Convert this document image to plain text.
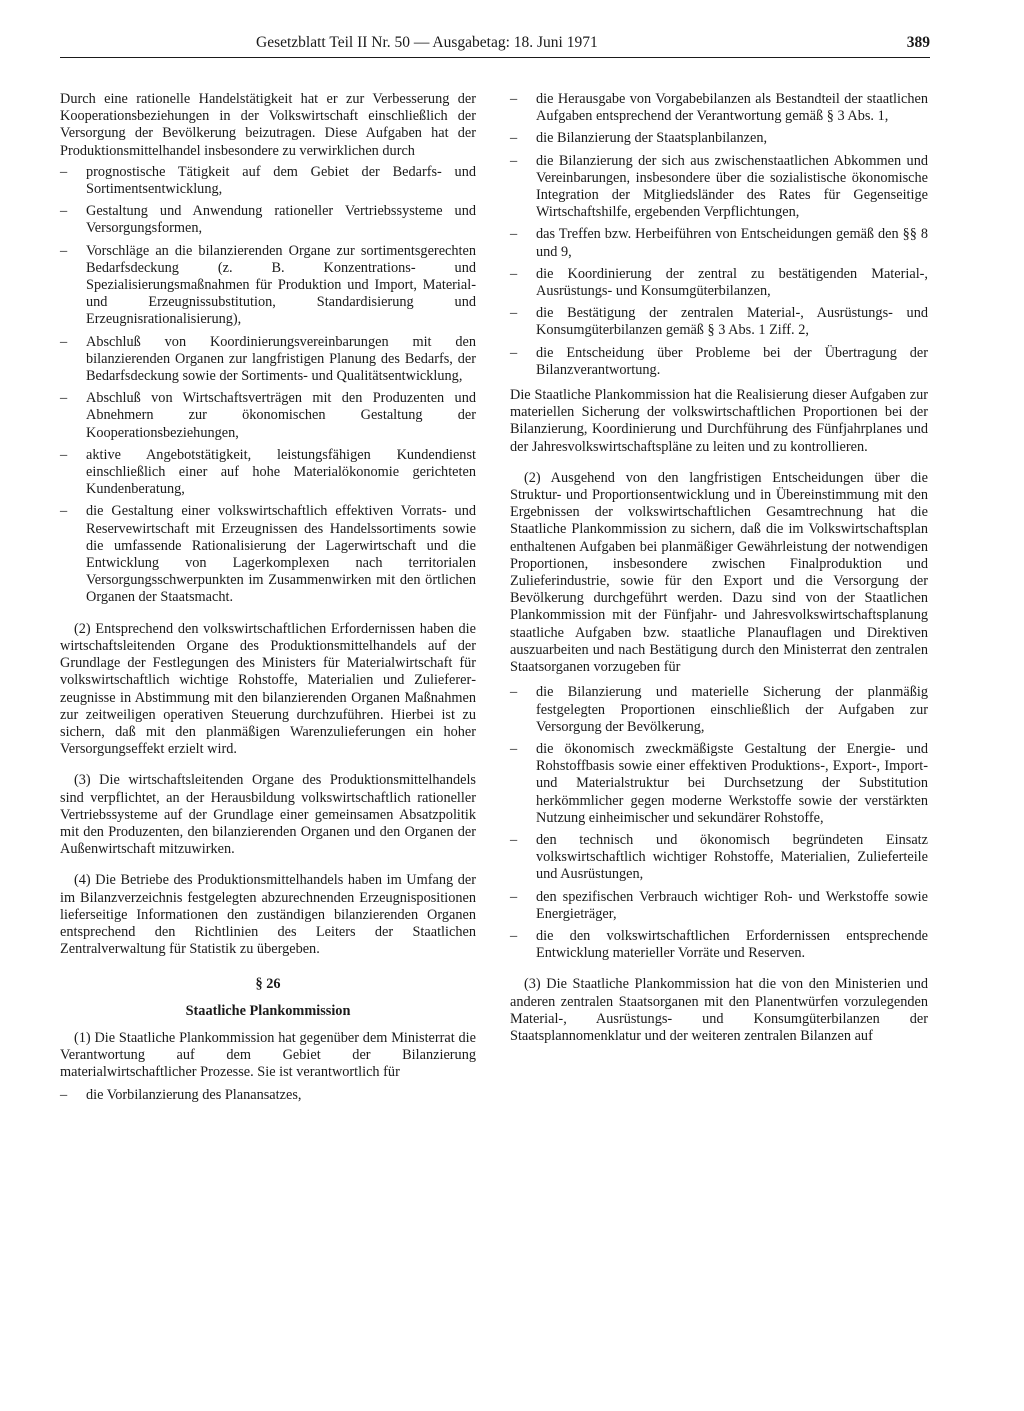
Gesetzblatt Teil II Nr. 50 — Ausgabetag: 18. Juni 1971	389

Durch eine rationelle Handelstätigkeit hat er zur Verbesserung der Kooperationsbeziehungen in der Volkswirtschaft einschließlich der Versorgung der Bevölkerung beizutragen. Diese Aufgaben hat der Produktionsmittelhandel insbesondere zu verwirklichen durch

– prognostische Tätigkeit auf dem Gebiet der Bedarfs- und Sortimentsentwicklung,
– Gestaltung und Anwendung rationeller Vertriebssysteme und Versorgungsformen,
– Vorschläge an die bilanzierenden Organe zur sortimentsgerechten Bedarfsdeckung (z. B. Konzentrations- und Spezialisierungsmaßnahmen für Produktion und Import, Material- und Erzeugnissubstitution, Standardisierung und Erzeugnisrationalisierung),
– Abschluß von Koordinierungsvereinbarungen mit den bilanzierenden Organen zur langfristigen Planung des Bedarfs, der Bedarfsdeckung sowie der Sortiments- und Qualitätsentwicklung,
– Abschluß von Wirtschaftsverträgen mit den Produzenten und Abnehmern zur ökonomischen Gestaltung der Kooperationsbeziehungen,
– aktive Angebotstätigkeit, leistungsfähigen Kundendienst einschließlich einer auf hohe Materialökonomie gerichteten Kundenberatung,
– die Gestaltung einer volkswirtschaftlich effektiven Vorrats- und Reservewirtschaft mit Erzeugnissen des Handelssortiments sowie die umfassende Rationalisierung der Lagerwirtschaft und die Entwicklung von Lagerkomplexen nach territorialen Versorgungsschwerpunkten im Zusammenwirken mit den örtlichen Organen der Staatsmacht.

(2) Entsprechend den volkswirtschaftlichen Erfordernissen haben die wirtschaftsleitenden Organe des Produktionsmittelhandels auf der Grundlage der Festlegungen des Ministers für Materialwirtschaft für volkswirtschaftlich wichtige Rohstoffe, Materialien und Zuliefererzeugnisse in Abstimmung mit den bilanzierenden Organen Maßnahmen zur zeitweiligen operativen Steuerung durchzuführen. Hierbei ist zu sichern, daß mit den planmäßigen Warenzulieferungen ein hoher Versorgungseffekt erzielt wird.

(3) Die wirtschaftsleitenden Organe des Produktionsmittelhandels sind verpflichtet, an der Herausbildung volkswirtschaftlich rationeller Vertriebssysteme auf der Grundlage einer gemeinsamen Absatzpolitik mit den Produzenten, den bilanzierenden Organen und den Organen der Außenwirtschaft mitzuwirken.

(4) Die Betriebe des Produktionsmittelhandels haben im Umfang der im Bilanzverzeichnis festgelegten abzurechnenden Erzeugnispositionen lieferseitige Informationen den zuständigen bilanzierenden Organen entsprechend den Richtlinien des Leiters der Staatlichen Zentralverwaltung für Statistik zu übergeben.

§ 26
Staatliche Plankommission

(1) Die Staatliche Plankommission hat gegenüber dem Ministerrat die Verantwortung auf dem Gebiet der Bilanzierung materialwirtschaftlicher Prozesse. Sie ist verantwortlich für

– die Vorbilanzierung des Planansatzes,
– die Herausgabe von Vorgabebilanzen als Bestandteil der staatlichen Aufgaben entsprechend der Verantwortung gemäß § 3 Abs. 1,
– die Bilanzierung der Staatsplanbilanzen,
– die Bilanzierung der sich aus zwischenstaatlichen Abkommen und Vereinbarungen, insbesondere über die sozialistische ökonomische Integration der Mitgliedsländer des Rates für Gegenseitige Wirtschaftshilfe, ergebenden Verpflichtungen,
– das Treffen bzw. Herbeiführen von Entscheidungen gemäß den §§ 8 und 9,
– die Koordinierung der zentral zu bestätigenden Material-, Ausrüstungs- und Konsumgüterbilanzen,
– die Bestätigung der zentralen Material-, Ausrüstungs- und Konsumgüterbilanzen gemäß § 3 Abs. 1 Ziff. 2,
– die Entscheidung über Probleme bei der Übertragung der Bilanzverantwortung.

Die Staatliche Plankommission hat die Realisierung dieser Aufgaben zur materiellen Sicherung der volkswirtschaftlichen Proportionen bei der Bilanzierung, Koordinierung und Durchführung des Fünfjahrplanes und der Jahresvolkswirtschaftspläne zu leiten und zu kontrollieren.

(2) Ausgehend von den langfristigen Entscheidungen über die Struktur- und Proportionsentwicklung und in Übereinstimmung mit den Ergebnissen der volkswirtschaftlichen Gesamtrechnung hat die Staatliche Plankommission zu sichern, daß die im Volkswirtschaftsplan enthaltenen Aufgaben bei planmäßiger Gewährleistung der notwendigen Proportionen, insbesondere zwischen Finalproduktion und Zulieferindustrie, sowie für den Export und die Versorgung der Bevölkerung durchgeführt werden. Dazu sind von der Staatlichen Plankommission mit der Fünfjahr- und Jahresvolkswirtschaftsplanung staatliche Aufgaben bzw. staatliche Planauflagen und Direktiven auszuarbeiten und nach Bestätigung durch den Ministerrat den zentralen Staatsorganen vorzugeben für

– die Bilanzierung und materielle Sicherung der planmäßig festgelegten Proportionen einschließlich der Aufgaben zur Versorgung der Bevölkerung,
– die ökonomisch zweckmäßigste Gestaltung der Energie- und Rohstoffbasis sowie einer effektiven Produktions-, Export-, Import- und Materialstruktur bei Durchsetzung der Substitution herkömmlicher gegen moderne Werkstoffe sowie der verstärkten Nutzung einheimischer und sekundärer Rohstoffe,
– den technisch und ökonomisch begründeten Einsatz volkswirtschaftlich wichtiger Rohstoffe, Materialien, Zulieferteile und Ausrüstungen,
– den spezifischen Verbrauch wichtiger Roh- und Werkstoffe sowie Energieträger,
– die den volkswirtschaftlichen Erfordernissen entsprechende Entwicklung materieller Vorräte und Reserven.

(3) Die Staatliche Plankommission hat die von den Ministerien und anderen zentralen Staatsorganen mit den Planentwürfen vorzulegenden Material-, Ausrüstungs- und Konsumgüterbilanzen der Staatsplannomenklatur und der weiteren zentralen Bilanzen auf
